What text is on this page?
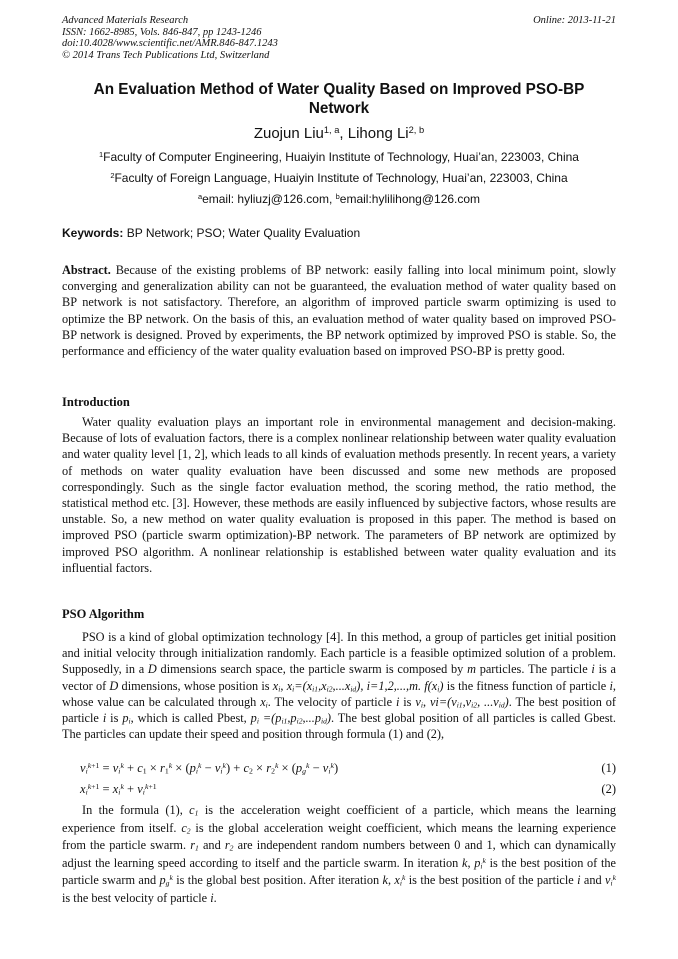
Advanced Materials Research
ISSN: 1662-8985, Vols. 846-847, pp 1243-1246
doi:10.4028/www.scientific.net/AMR.846-847.1243
© 2014 Trans Tech Publications Ltd, Switzerland
Online: 2013-11-21
An Evaluation Method of Water Quality Based on Improved PSO-BP Network
Zuojun Liu$^{1, a}$, Lihong Li$^{2, b}$
$^1$Faculty of Computer Engineering, Huaiyin Institute of Technology, Huai’an, 223003, China
$^2$Faculty of Foreign Language, Huaiyin Institute of Technology, Huai’an, 223003, China
$^a$email: hyliuzj@126.com, $^b$email:hylilihong@126.com
Keywords: BP Network; PSO; Water Quality Evaluation

Abstract. Because of the existing problems of BP network: easily falling into local minimum point, slowly converging and generalization ability can not be guaranteed, the evaluation method of water quality based on BP network is not satisfactory. Therefore, an algorithm of improved particle swarm optimizing is used to optimize the BP network. On the basis of this, an evaluation method of water quality based on improved PSO-BP network is designed. Proved by experiments, the BP network optimized by improved PSO is stable. So, the performance and efficiency of the water quality evaluation based on improved PSO-BP is pretty good.

Introduction

Water quality evaluation plays an important role in environmental management and decision-making. Because of lots of evaluation factors, there is a complex nonlinear relationship between water quality evaluation and water quality level [1, 2], which leads to all kinds of evaluation methods presently. In recent years, a variety of methods on water quality evaluation have been discussed and some new methods are proposed correspondingly. Such as the single factor evaluation method, the scoring method, the ratio method, the statistical method etc. [3]. However, these methods are easily influenced by subjective factors, whose results are unstable. So, a new method on water quality evaluation is proposed in this paper. The method is based on improved PSO (particle swarm optimization)-BP network. The parameters of BP network are optimized by improved PSO algorithm. A nonlinear relationship is established between water quality evaluation and its influential factors.

PSO Algorithm

PSO is a kind of global optimization technology [4]. In this method, a group of particles get initial position and initial velocity through initialization randomly. Each particle is a feasible optimized solution of a problem. Supposedly, in a D dimensions search space, the particle swarm is composed by m particles. The particle i is a vector of D dimensions, whose position is $x_i$, $x_i=(x_{i1},x_{i2},...x_{id})$, i=1,2,...,m. $f(x_i)$ is the fitness function of particle i, whose value can be calculated through $x_i$. The velocity of particle i is $v_i$, $vi=(v_{i1},v_{i2}$, $...v_{id}$). The best position of particle i is $p_i$, which is called Pbest, $p_i =(p_{i1},p_{i2},...p_{id})$. The best global position of all particles is called Gbest. The particles can update their speed and position through formula (1) and (2),

$v_i^{k+1} = v_i^k + c_1 \times r_1^k \times (p_i^k - v_i^k) + c_2 \times r_2^k \times (p_g^k - v_i^k)$	(1)
$x_i^{k+1} = x_i^k + v_i^{k+1}$	(2)

In the formula (1), $c_1$ is the acceleration weight coefficient of a particle, which means the learning experience from itself. $c_2$ is the global acceleration weight coefficient, which means the learning experience from the particle swarm. $r_1$ and $r_2$ are independent random numbers between 0 and 1, which can dynamically adjust the learning speed according to itself and the particle swarm. In iteration k, $p_i^k$ is the best position of the particle swarm and $p_g^k$ is the global best position. After iteration k, $x_i^k$ is the best position of the particle i and $v_i^k$ is the best velocity of particle i.
